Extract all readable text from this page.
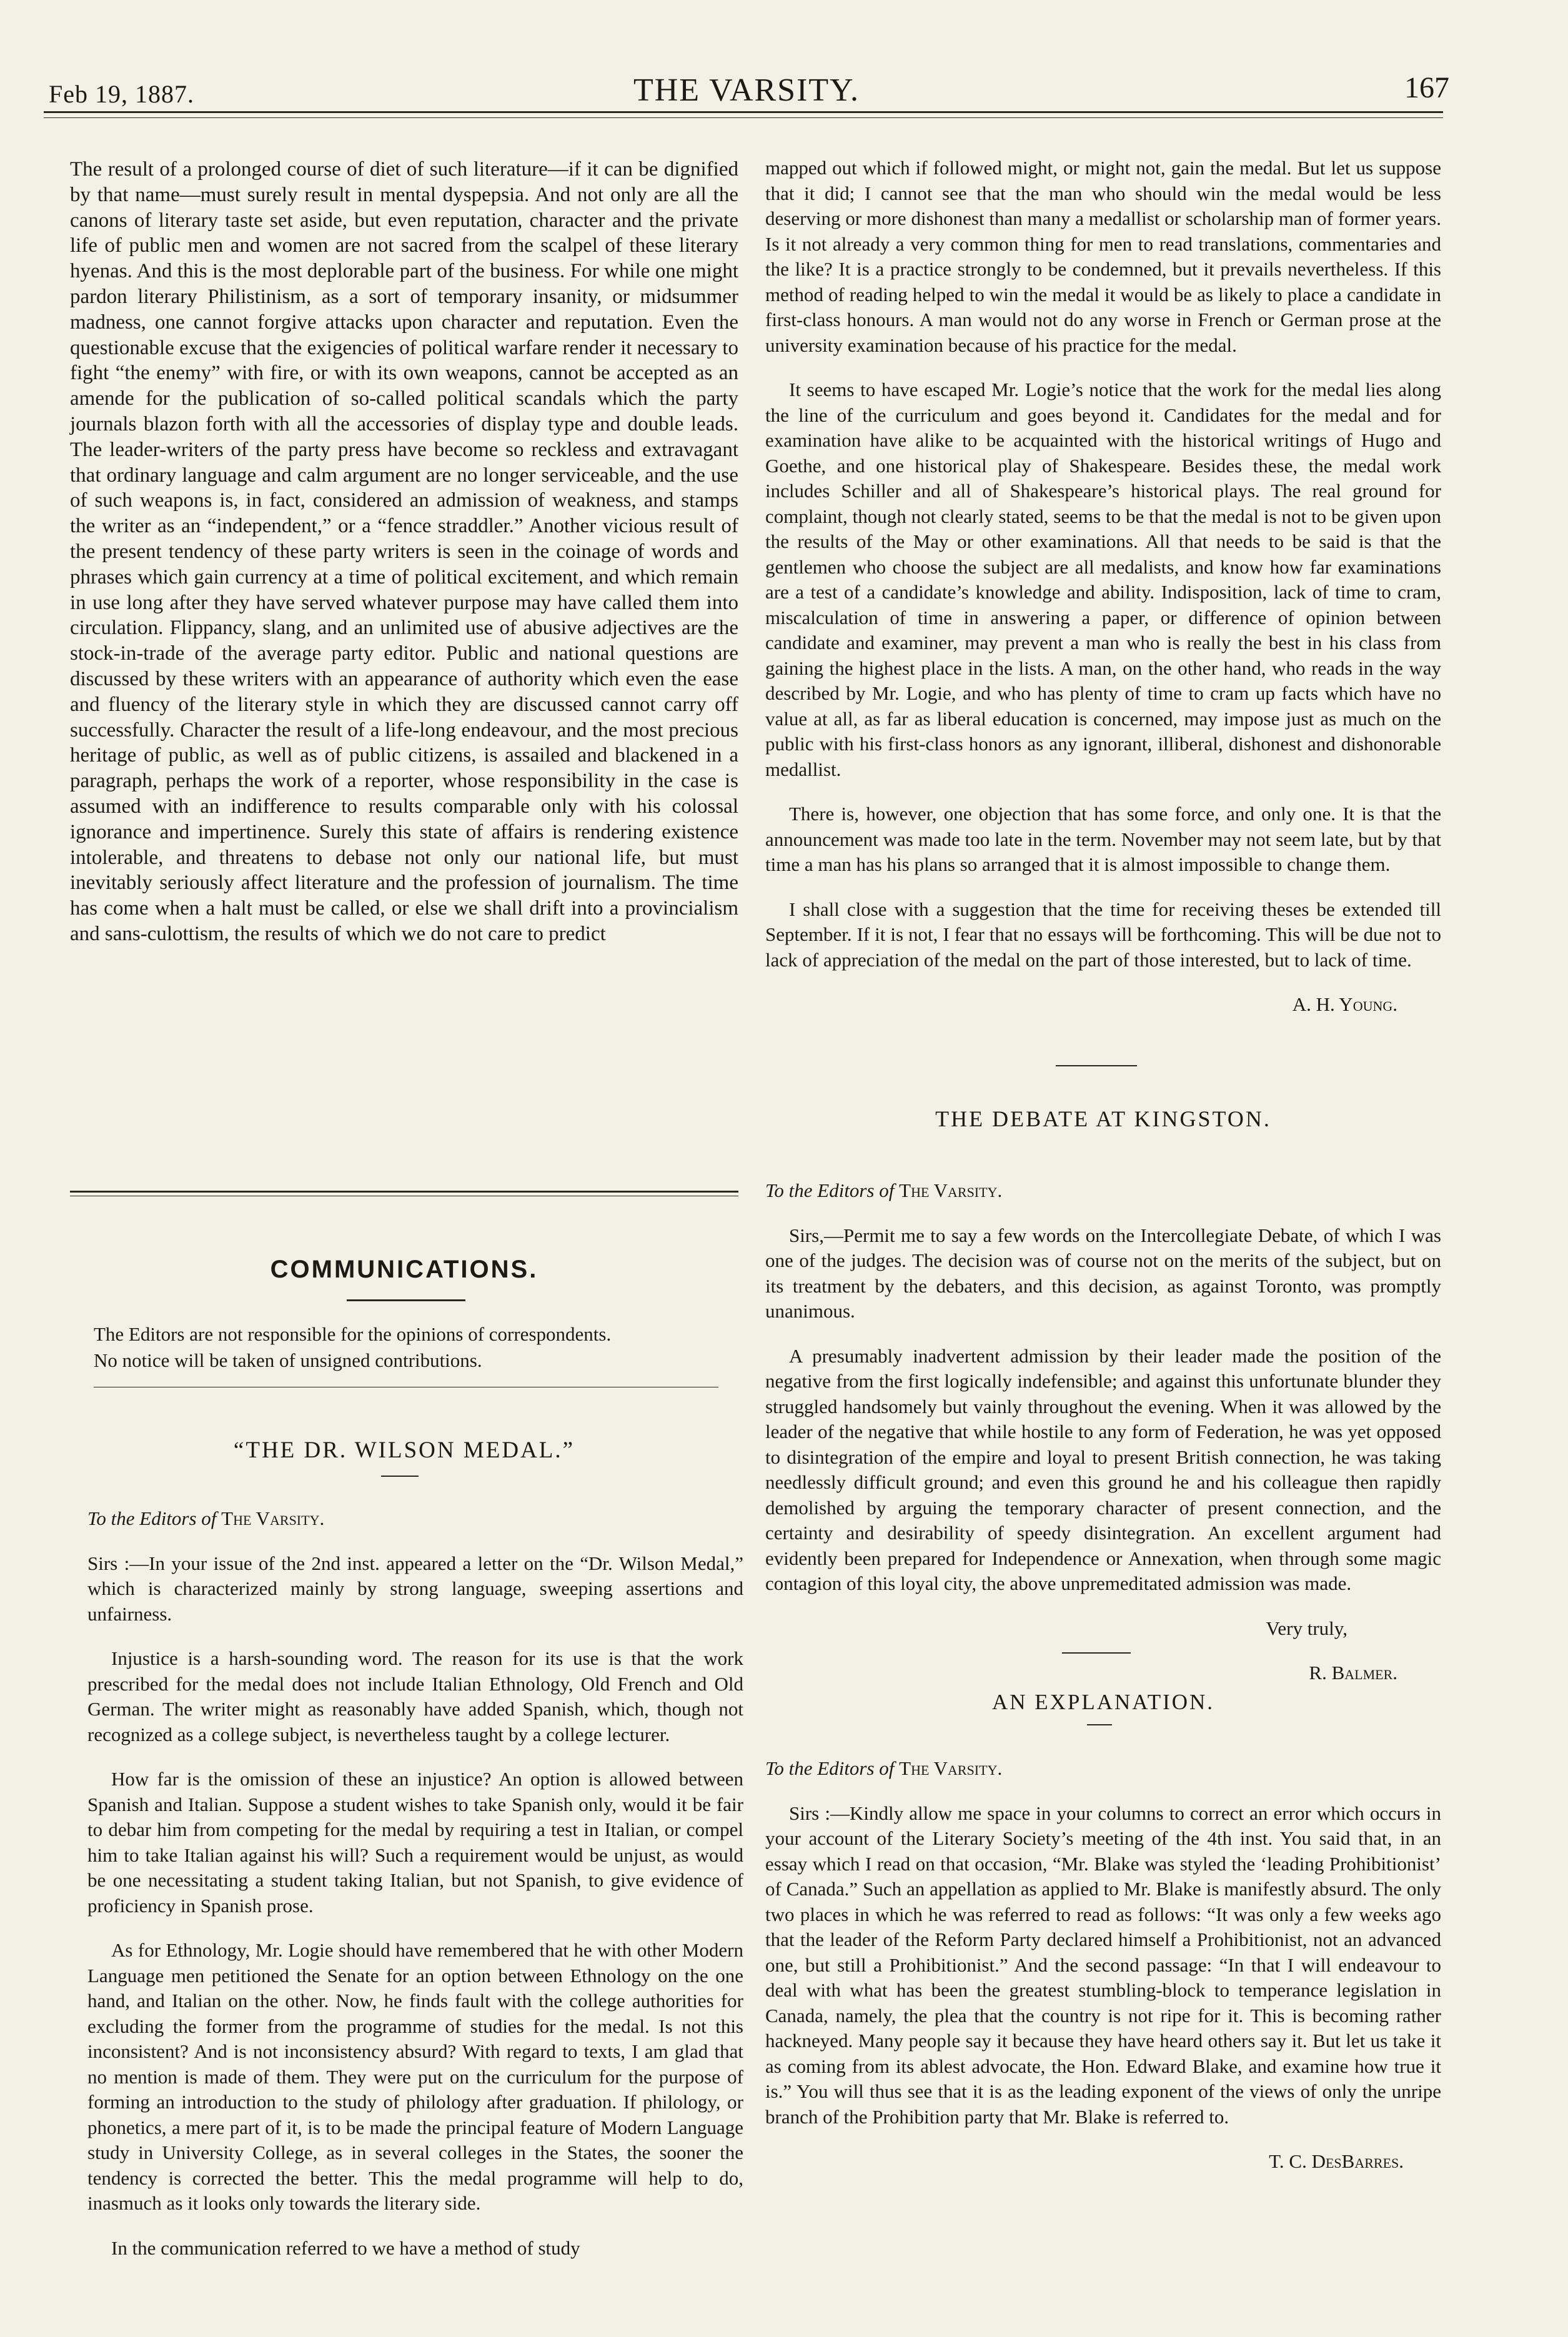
Feb 19, 1887.	THE VARSITY.	167

The result of a prolonged course of diet of such literature—if it can be dignified by that name—must surely result in mental dyspepsia. And not only are all the canons of literary taste set aside, but even reputation, character and the private life of public men and women are not sacred from the scalpel of these literary hyenas. And this is the most deplorable part of the business. For while one might pardon literary Philistinism, as a sort of temporary insanity, or midsummer madness, one cannot forgive attacks upon character and reputation. Even the questionable excuse that the exigencies of political warfare render it necessary to fight “the enemy” with fire, or with its own weapons, cannot be accepted as an amende for the publication of so-called political scandals which the party journals blazon forth with all the accessories of display type and double leads. The leader-writers of the party press have become so reckless and extravagant that ordinary language and calm argument are no longer serviceable, and the use of such weapons is, in fact, considered an admission of weakness, and stamps the writer as an “independent,” or a “fence straddler.” Another vicious result of the present tendency of these party writers is seen in the coinage of words and phrases which gain currency at a time of political excitement, and which remain in use long after they have served whatever purpose may have called them into circulation. Flippancy, slang, and an unlimited use of abusive adjectives are the stock-in-trade of the average party editor. Public and national questions are discussed by these writers with an appearance of authority which even the ease and fluency of the literary style in which they are discussed cannot carry off successfully. Character the result of a life-long endeavour, and the most precious heritage of public, as well as of public citizens, is assailed and blackened in a paragraph, perhaps the work of a reporter, whose responsibility in the case is assumed with an indifference to results comparable only with his colossal ignorance and impertinence. Surely this state of affairs is rendering existence intolerable, and threatens to debase not only our national life, but must inevitably seriously affect literature and the profession of journalism. The time has come when a halt must be called, or else we shall drift into a provincialism and sans-culottism, the results of which we do not care to predict

COMMUNICATIONS.
The Editors are not responsible for the opinions of correspondents.
No notice will be taken of unsigned contributions.
“THE DR. WILSON MEDAL.”

To the Editors of The Varsity.

Sirs :—In your issue of the 2nd inst. appeared a letter on the “Dr. Wilson Medal,” which is characterized mainly by strong language, sweeping assertions and unfairness.

Injustice is a harsh-sounding word. The reason for its use is that the work prescribed for the medal does not include Italian Ethnology, Old French and Old German. The writer might as reasonably have added Spanish, which, though not recognized as a college subject, is nevertheless taught by a college lecturer.

How far is the omission of these an injustice? An option is allowed between Spanish and Italian. Suppose a student wishes to take Spanish only, would it be fair to debar him from competing for the medal by requiring a test in Italian, or compel him to take Italian against his will? Such a requirement would be unjust, as would be one necessitating a student taking Italian, but not Spanish, to give evidence of proficiency in Spanish prose.

As for Ethnology, Mr. Logie should have remembered that he with other Modern Language men petitioned the Senate for an option between Ethnology on the one hand, and Italian on the other. Now, he finds fault with the college authorities for excluding the former from the programme of studies for the medal. Is not this inconsistent? And is not inconsistency absurd? With regard to texts, I am glad that no mention is made of them. They were put on the curriculum for the purpose of forming an introduction to the study of philology after graduation. If philology, or phonetics, a mere part of it, is to be made the principal feature of Modern Language study in University College, as in several colleges in the States, the sooner the tendency is corrected the better. This the medal programme will help to do, inasmuch as it looks only towards the literary side.

In the communication referred to we have a method of study

mapped out which if followed might, or might not, gain the medal. But let us suppose that it did; I cannot see that the man who should win the medal would be less deserving or more dishonest than many a medallist or scholarship man of former years. Is it not already a very common thing for men to read translations, commentaries and the like? It is a practice strongly to be condemned, but it prevails nevertheless. If this method of reading helped to win the medal it would be as likely to place a candidate in first-class honours. A man would not do any worse in French or German prose at the university examination because of his practice for the medal.

It seems to have escaped Mr. Logie’s notice that the work for the medal lies along the line of the curriculum and goes beyond it. Candidates for the medal and for examination have alike to be acquainted with the historical writings of Hugo and Goethe, and one historical play of Shakespeare. Besides these, the medal work includes Schiller and all of Shakespeare’s historical plays. The real ground for complaint, though not clearly stated, seems to be that the medal is not to be given upon the results of the May or other examinations. All that needs to be said is that the gentlemen who choose the subject are all medalists, and know how far examinations are a test of a candidate’s knowledge and ability. Indisposition, lack of time to cram, miscalculation of time in answering a paper, or difference of opinion between candidate and examiner, may prevent a man who is really the best in his class from gaining the highest place in the lists. A man, on the other hand, who reads in the way described by Mr. Logie, and who has plenty of time to cram up facts which have no value at all, as far as liberal education is concerned, may impose just as much on the public with his first-class honors as any ignorant, illiberal, dishonest and dishonorable medallist.

There is, however, one objection that has some force, and only one. It is that the announcement was made too late in the term. November may not seem late, but by that time a man has his plans so arranged that it is almost impossible to change them.

I shall close with a suggestion that the time for receiving theses be extended till September. If it is not, I fear that no essays will be forthcoming. This will be due not to lack of appreciation of the medal on the part of those interested, but to lack of time.

A. H. Young.

THE DEBATE AT KINGSTON.

To the Editors of The Varsity.

Sirs,—Permit me to say a few words on the Intercollegiate Debate, of which I was one of the judges. The decision was of course not on the merits of the subject, but on its treatment by the debaters, and this decision, as against Toronto, was promptly unanimous.

A presumably inadvertent admission by their leader made the position of the negative from the first logically indefensible; and against this unfortunate blunder they struggled handsomely but vainly throughout the evening. When it was allowed by the leader of the negative that while hostile to any form of Federation, he was yet opposed to disintegration of the empire and loyal to present British connection, he was taking needlessly difficult ground; and even this ground he and his colleague then rapidly demolished by arguing the temporary character of present connection, and the certainty and desirability of speedy disintegration. An excellent argument had evidently been prepared for Independence or Annexation, when through some magic contagion of this loyal city, the above unpremeditated admission was made.

Very truly,

R. Balmer.

AN EXPLANATION.

To the Editors of The Varsity.

Sirs :—Kindly allow me space in your columns to correct an error which occurs in your account of the Literary Society’s meeting of the 4th inst. You said that, in an essay which I read on that occasion, “Mr. Blake was styled the ‘leading Prohibitionist’ of Canada.” Such an appellation as applied to Mr. Blake is manifestly absurd. The only two places in which he was referred to read as follows: “It was only a few weeks ago that the leader of the Reform Party declared himself a Prohibitionist, not an advanced one, but still a Prohibitionist.” And the second passage: “In that I will endeavour to deal with what has been the greatest stumbling-block to temperance legislation in Canada, namely, the plea that the country is not ripe for it. This is becoming rather hackneyed. Many people say it because they have heard others say it. But let us take it as coming from its ablest advocate, the Hon. Edward Blake, and examine how true it is.” You will thus see that it is as the leading exponent of the views of only the unripe branch of the Prohibition party that Mr. Blake is referred to.

T. C. DesBarres.
